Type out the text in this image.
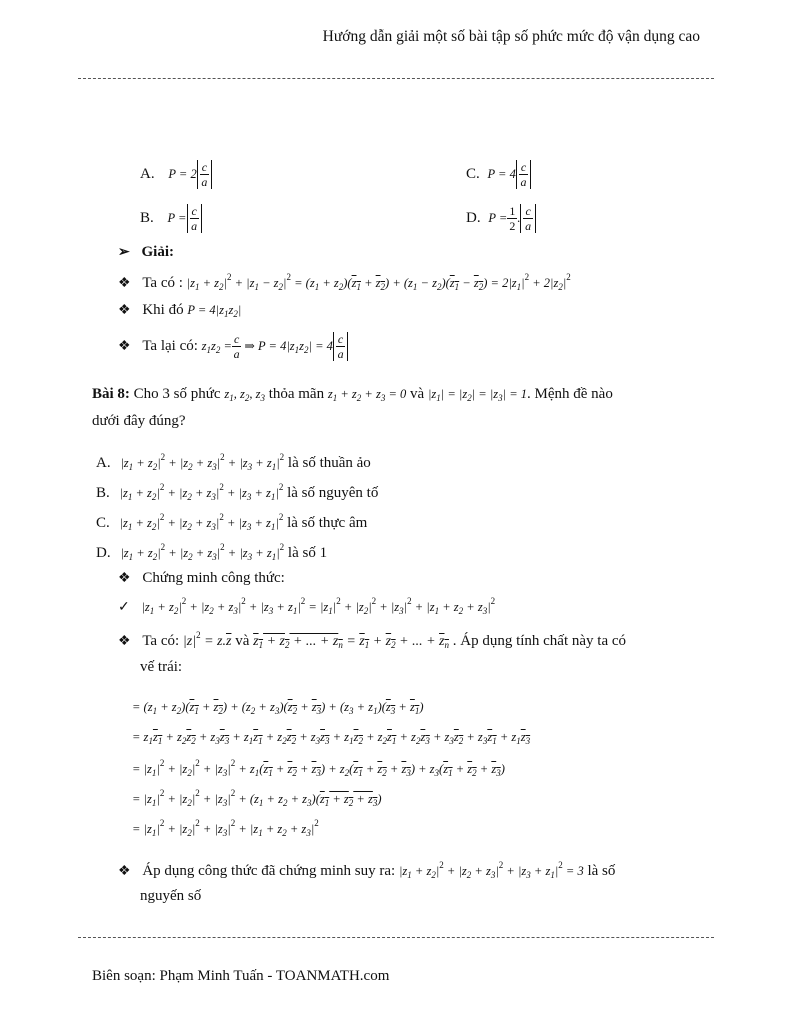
Hướng dẫn giải một số bài tập số phức mức độ vận dụng cao
A. $P = 2 \frac{c}{a}$	C. $P = 4 \frac{c}{a}$
B. $P = \frac{c}{a}$	D. $P = \frac{1}{2}$ . $\frac{c}{a}$
➢ Giải:
❖ Ta có : $|z_1 + z_2|^2 + |z_1 - z_2|^2 = (z_1 + z_2)(z_1 + z_2) + (z_1 - z_2)(z_1 - z_2) = 2|z_1|^2 + 2|z_2|^2$
❖ Khi đó $P = 4|z_1z_2|$
❖ Ta lại có: $z_1z_2 = \frac{c}{a}$ ⇒ $P = 4|z_1z_2| = 4 \frac{c}{a}$
Bài 8: Cho 3 số phức $z_1$, $z_2$, $z_3$ thỏa mãn $z_1 + z_2 + z_3 = 0$ và $|z_1| = |z_2| = |z_3| = 1$. Mệnh đề nào
dưới đây đúng?
A. $|z_1 + z_2|^2 + |z_2 + z_3|^2 + |z_3 + z_1|^2$ là số thuần ảo
B. $|z_1 + z_2|^2 + |z_2 + z_3|^2 + |z_3 + z_1|^2$ là số nguyên tố
C. $|z_1 + z_2|^2 + |z_2 + z_3|^2 + |z_3 + z_1|^2$ là số thực âm
D. $|z_1 + z_2|^2 + |z_2 + z_3|^2 + |z_3 + z_1|^2$ là số 1
❖ Chứng minh công thức:
✓ $|z_1 + z_2|^2 + |z_2 + z_3|^2 + |z_3 + z_1|^2 = |z_1|^2 + |z_2|^2 + |z_3|^2 + |z_1 + z_2 + z_3|^2$
❖ Ta có: $|z|^2 = z.\overline{z}$ và $z_1 + z_2$ + ... + $z_n = z_1 + z_2$ + ... + $z_n$ . Áp dụng tính chất này ta có
vế trái:
= $(z_1 + z_2)(z_1 + z_2) + (z_2 + z_3)(z_2 + z_3) + (z_3 + z_1)(z_3 + z_1)$
= $z_1z_1 + z_2z_2 + z_3z_3 + z_1z_1 + z_2z_2 + z_3z_3 + z_1z_2 + z_2z_1 + z_2z_3 + z_3z_2 + z_3z_1 + z_1z_3$
= $|z_1|^2 + |z_2|^2 + |z_3|^2 + z_1(z_1 + z_2 + z_3) + z_2(z_1 + z_2 + z_3) + z_3(z_1 + z_2 + z_3)$
= $|z_1|^2 + |z_2|^2 + |z_3|^2 + (z_1 + z_2 + z_3)(z_1 + z_2 + z_3)$
= $|z_1|^2 + |z_2|^2 + |z_3|^2 + |z_1 + z_2 + z_3|^2$
❖ Áp dụng công thức đã chứng minh suy ra: $|z_1 + z_2|^2 + |z_2 + z_3|^2 + |z_3 + z_1|^2 = 3$ là số
nguyến số
Biên soạn: Phạm Minh Tuấn - TOANMATH.com
